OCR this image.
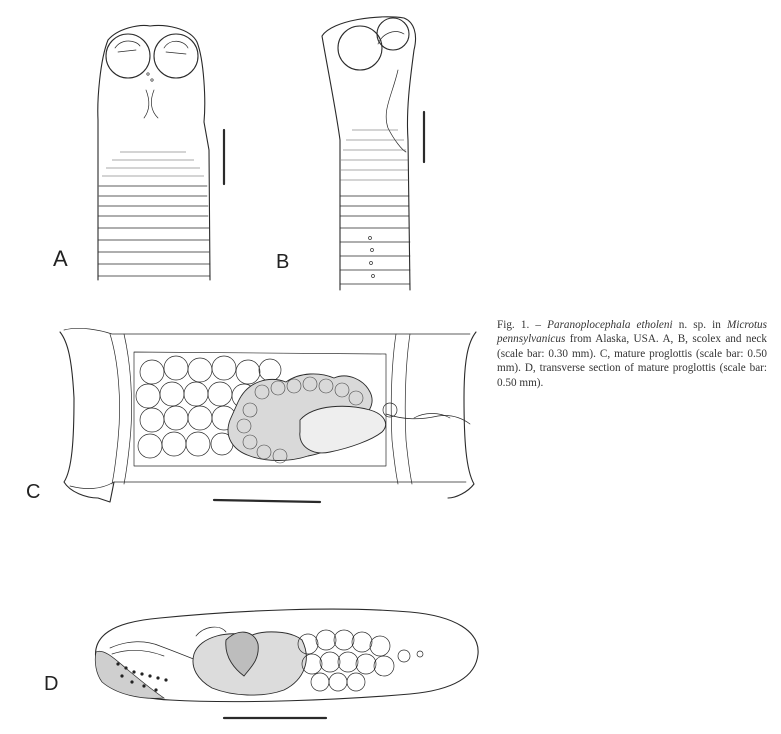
A	B
C
D
Fig. 1. – Paranoplocephala etholeni n. sp. in Microtus pennsylvanicus from Alaska, USA. A, B, scolex and neck (scale bar: 0.30 mm). C, mature proglottis (scale bar: 0.50 mm). D, transverse section of mature proglottis (scale bar: 0.50 mm).
